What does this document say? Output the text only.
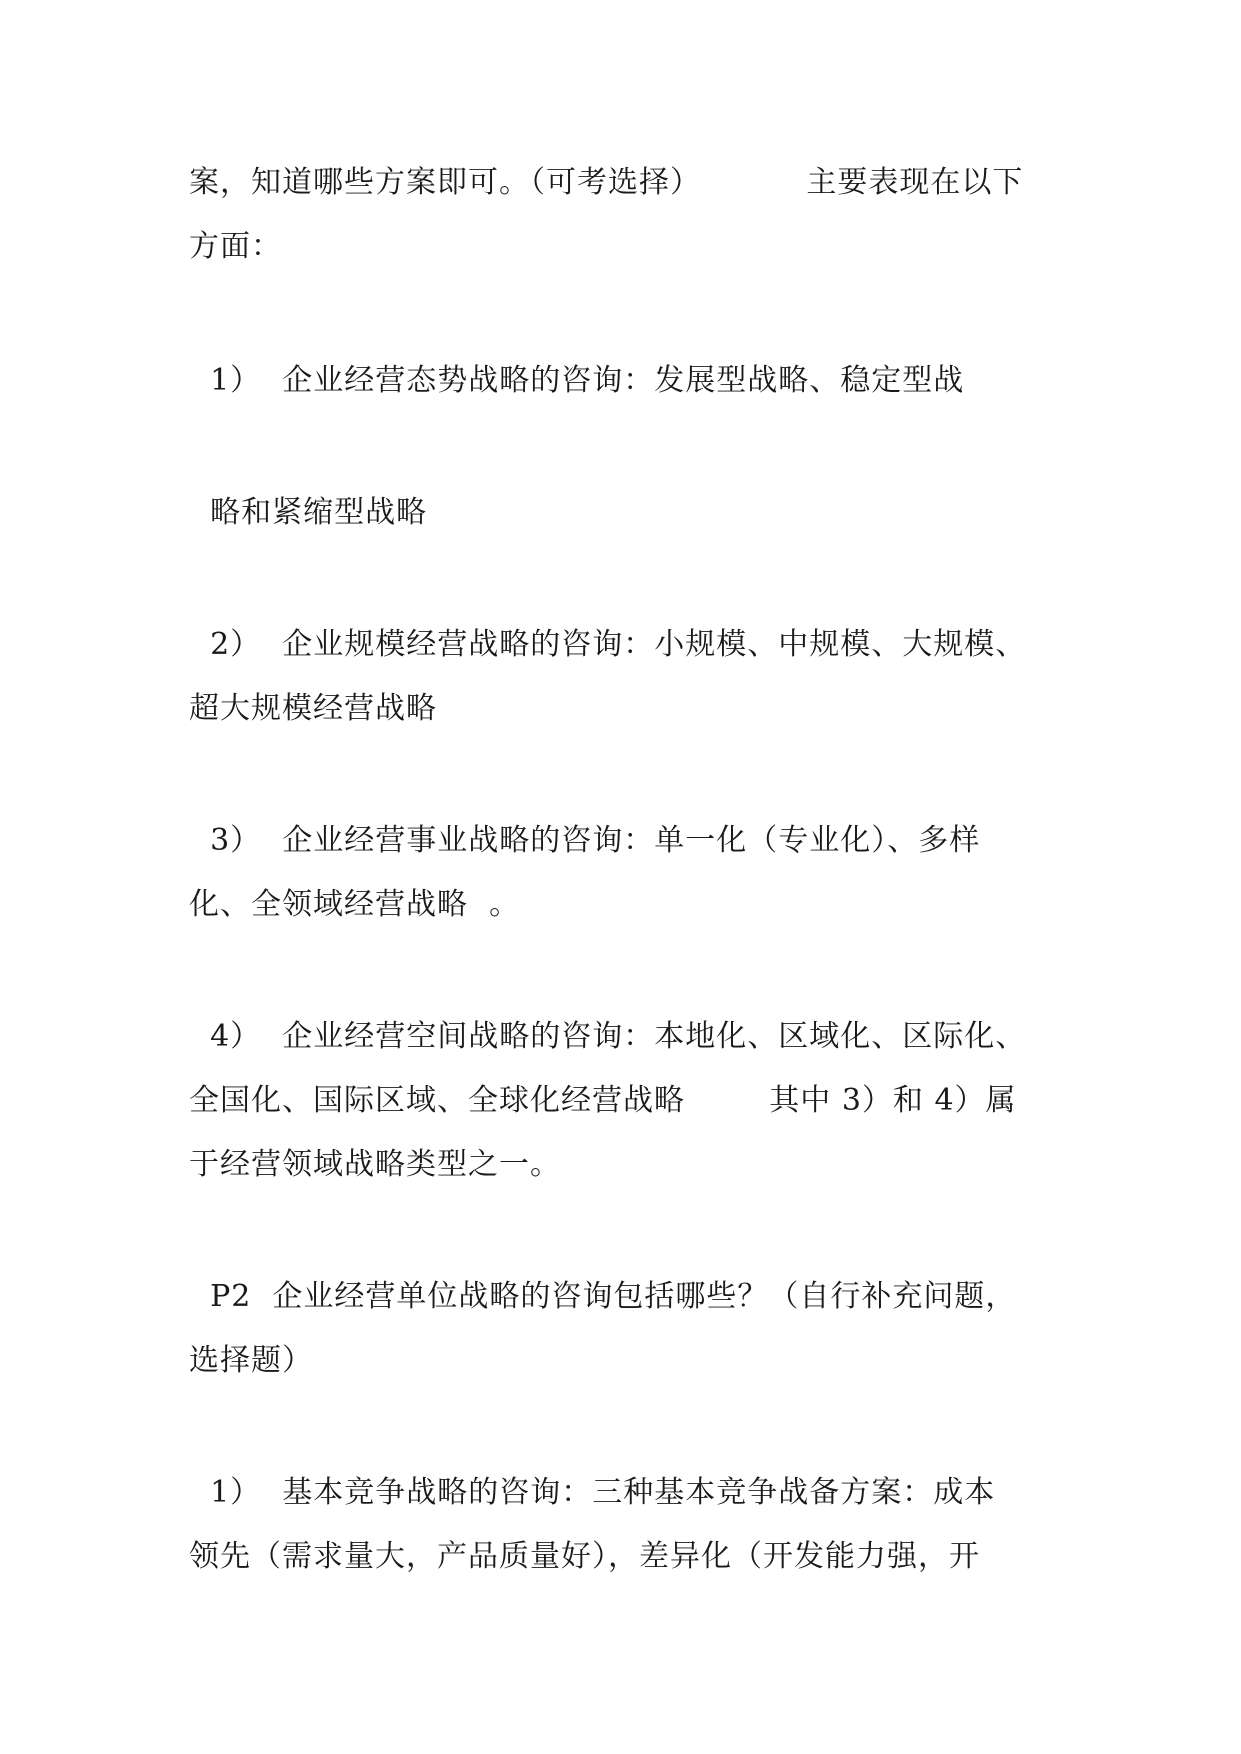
案，知道哪些方案即可。（可考选择）          主要表现在以下
方面：
1）  企业经营态势战略的咨询：发展型战略、稳定型战
略和紧缩型战略
2）  企业规模经营战略的咨询：小规模、中规模、大规模、
超大规模经营战略
3）  企业经营事业战略的咨询：单一化（专业化）、多样
化、全领域经营战略  。
4）  企业经营空间战略的咨询：本地化、区域化、区际化、
全国化、国际区域、全球化经营战略        其中 3）和 4）属
于经营领域战略类型之一。
P2  企业经营单位战略的咨询包括哪些？（自行补充问题，
选择题）
1）  基本竞争战略的咨询：三种基本竞争战备方案：成本
领先（需求量大，产品质量好），差异化（开发能力强，开
